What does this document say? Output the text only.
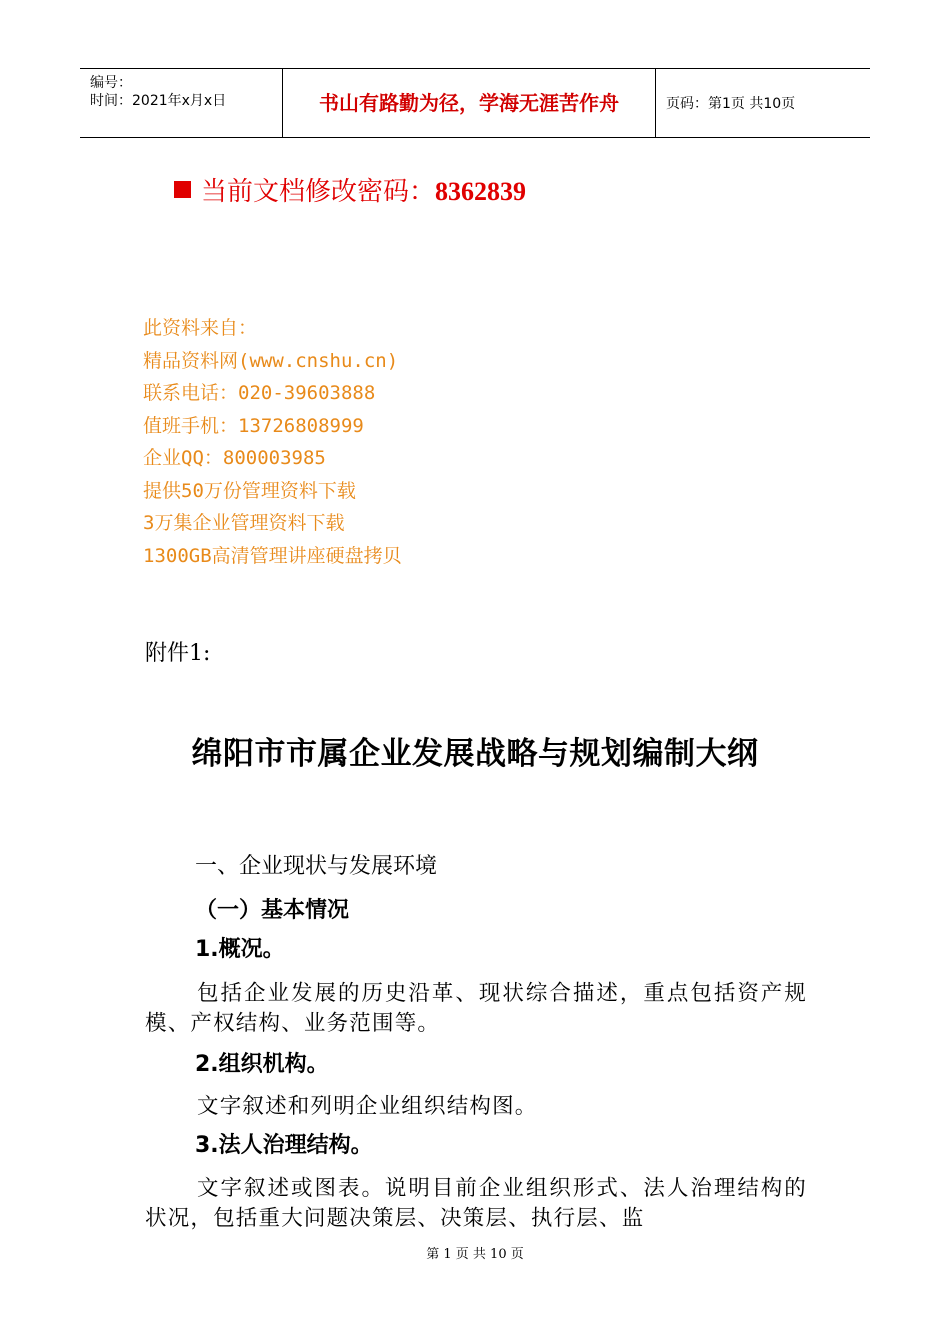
编号：
时间：2021年x月x日	书山有路勤为径，学海无涯苦作舟	页码：第1页 共10页
当前文档修改密码：8362839
此资料来自：
精品资料网(www.cnshu.cn)
联系电话：020-39603888
值班手机：13726808999
企业QQ：800003985
提供50万份管理资料下载
3万集企业管理资料下载
1300GB高清管理讲座硬盘拷贝
附件1:
绵阳市市属企业发展战略与规划编制大纲
一、企业现状与发展环境
（一）基本情况
1.概况。
包括企业发展的历史沿革、现状综合描述，重点包括资产规模、产权结构、业务范围等。
2.组织机构。
文字叙述和列明企业组织结构图。
3.法人治理结构。
文字叙述或图表。说明目前企业组织形式、法人治理结构的状况，包括重大问题决策层、决策层、执行层、监
第 1 页 共 10 页
